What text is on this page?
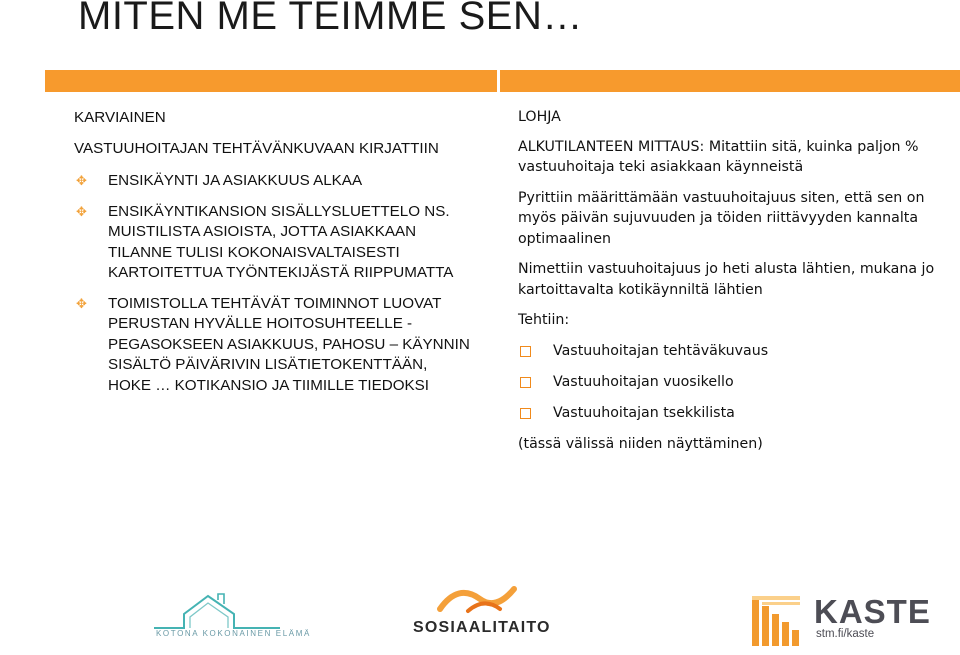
MITEN ME TEIMME SEN…

KARVIAINEN

VASTUUHOITAJAN TEHTÄVÄNKUVAAN KIRJATTIIN

✥ ENSIKÄYNTI JA ASIAKKUUS ALKAA
✥ ENSIKÄYNTIKANSION SISÄLLYSLUETTELO NS. MUISTILISTA ASIOISTA, JOTTA ASIAKKAAN TILANNE TULISI KOKONAISVALTAISESTI KARTOITETTUA TYÖNTEKIJÄSTÄ RIIPPUMATTA
✥ TOIMISTOLLA TEHTÄVÄT TOIMINNOT LUOVAT PERUSTAN HYVÄLLE HOITOSUHTEELLE - PEGASOKSEEN ASIAKKUUS, PAHOSU – KÄYNNIN SISÄLTÖ PÄIVÄRIVIN LISÄTIETOKENTTÄÄN, HOKE … KOTIKANSIO JA TIIMILLE TIEDOKSI

LOHJA

ALKUTILANTEEN MITTAUS: Mitattiin sitä, kuinka paljon % vastuuhoitaja teki asiakkaan käynneistä

Pyrittiin määrittämään vastuuhoitajuus siten, että sen on myös päivän sujuvuuden ja töiden riittävyyden kannalta optimaalinen

Nimettiin vastuuhoitajuus jo heti alusta lähtien, mukana jo kartoittavalta kotikäynniltä lähtien

Tehtiin:

Vastuuhoitajan tehtäväkuvaus
Vastuuhoitajan vuosikello
Vastuuhoitajan tsekkilista

(tässä välissä niiden näyttäminen)

KOTONA KOKONAINEN ELÄMÄ	SOSIAALITAITO	KASTE
stm.fi/kaste
